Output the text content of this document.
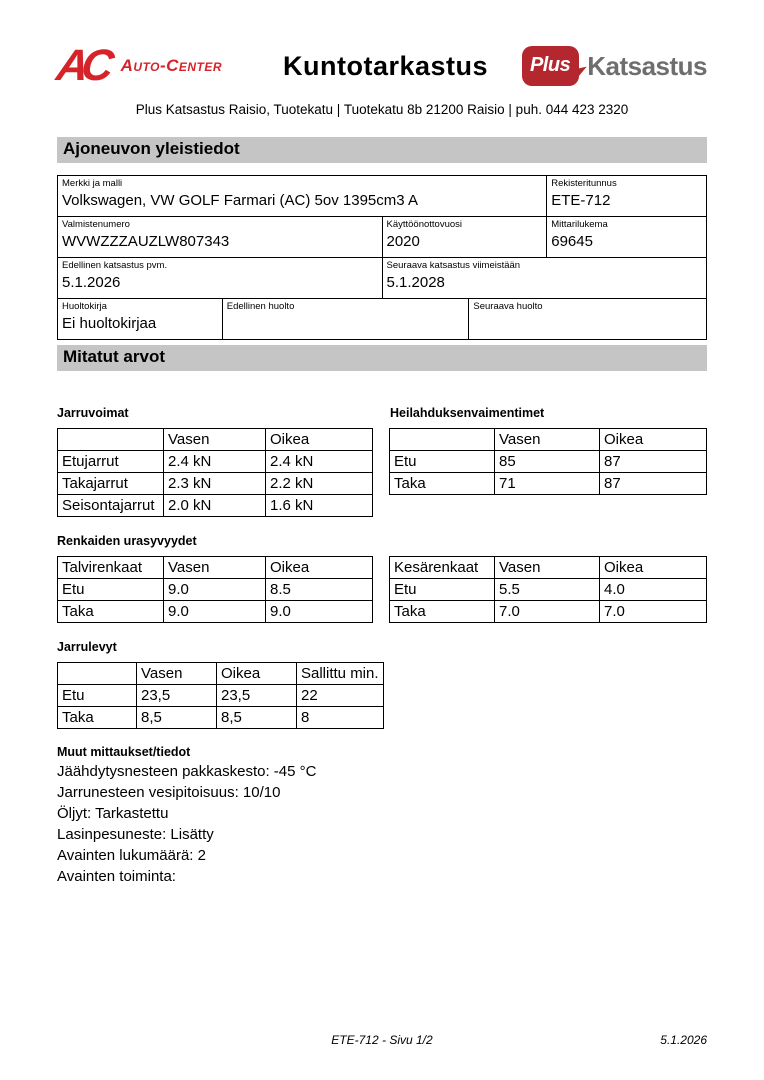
AC Auto-Center	Kuntotarkastus	Plus Katsastus
Plus Katsastus Raisio, Tuotekatu | Tuotekatu 8b 21200 Raisio | puh. 044 423 2320
Ajoneuvon yleistiedot
Merkki ja malli
Volkswagen, VW GOLF Farmari (AC) 5ov 1395cm3 A
Rekisteritunnus
ETE-712
Valmistenumero
WVWZZZAUZLW807343
Käyttöönottovuosi
2020
Mittarilukema
69645
Edellinen katsastus pvm.
5.1.2026
Seuraava katsastus viimeistään
5.1.2028
Huoltokirja
Ei huoltokirjaa
Edellinen huolto	Seuraava huolto
Mitatut arvot
Jarruvoimat	Heilahduksenvaimentimet
	Vasen	Oikea
Etujarrut	2.4 kN	2.4 kN
Takajarrut	2.3 kN	2.2 kN
Seisontajarrut	2.0 kN	1.6 kN
	Vasen	Oikea
Etu	85	87
Taka	71	87
Renkaiden urasyvyydet
Talvirenkaat	Vasen	Oikea
Etu	9.0	8.5
Taka	9.0	9.0
Kesärenkaat	Vasen	Oikea
Etu	5.5	4.0
Taka	7.0	7.0
Jarrulevyt
	Vasen	Oikea	Sallittu min.
Etu	23,5	23,5	22
Taka	8,5	8,5	8
Muut mittaukset/tiedot
Jäähdytysnesteen pakkaskesto: -45 °C
Jarrunesteen vesipitoisuus: 10/10
Öljyt: Tarkastettu
Lasinpesuneste: Lisätty
Avainten lukumäärä: 2
Avainten toiminta:
ETE-712 - Sivu 1/2	5.1.2026
